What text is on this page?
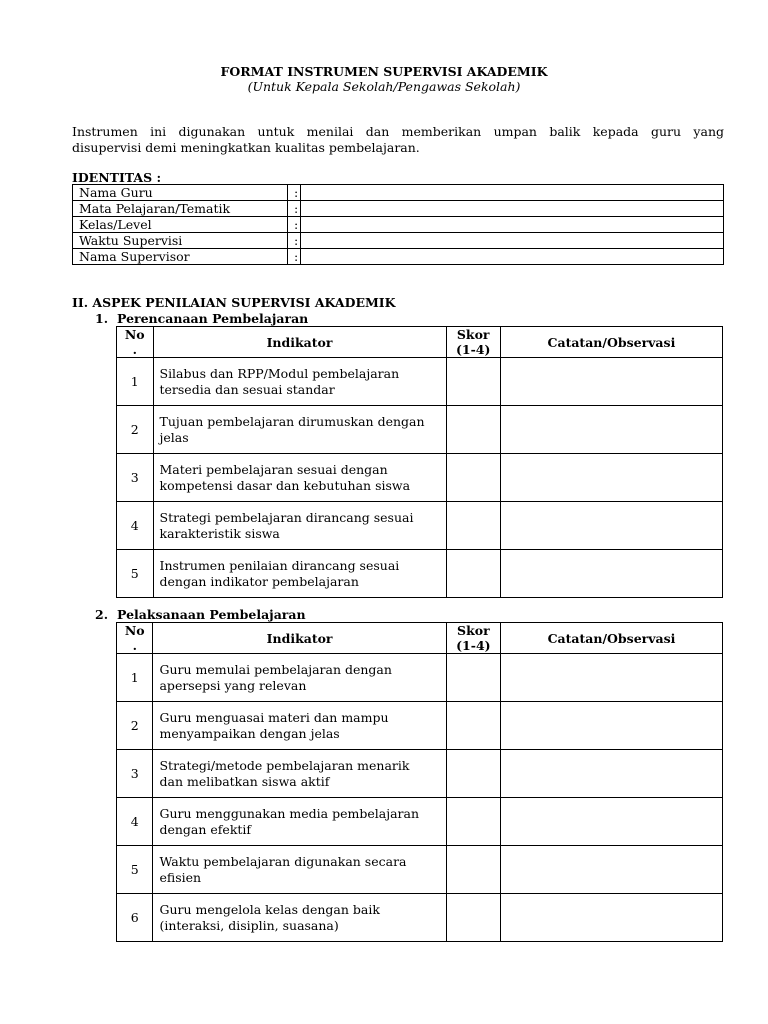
FORMAT INSTRUMEN SUPERVISI AKADEMIK
(Untuk Kepala Sekolah/Pengawas Sekolah)
Instrumen ini digunakan untuk menilai dan memberikan umpan balik kepada guru yang
disupervisi demi meningkatkan kualitas pembelajaran.
IDENTITAS :
Nama Guru	:	
Mata Pelajaran/Tematik	:	
Kelas/Level	:	
Waktu Supervisi	:	
Nama Supervisor	:	
II. ASPEK PENILAIAN SUPERVISI AKADEMIK
1. Perencanaan Pembelajaran
No
.	Indikator	Skor
(1-4)	Catatan/Observasi
1	Silabus dan RPP/Modul pembelajaran
tersedia dan sesuai standar		
2	Tujuan pembelajaran dirumuskan dengan
jelas		
3	Materi pembelajaran sesuai dengan
kompetensi dasar dan kebutuhan siswa		
4	Strategi pembelajaran dirancang sesuai
karakteristik siswa		
5	Instrumen penilaian dirancang sesuai
dengan indikator pembelajaran		
2. Pelaksanaan Pembelajaran
No
.	Indikator	Skor
(1-4)	Catatan/Observasi
1	Guru memulai pembelajaran dengan
apersepsi yang relevan		
2	Guru menguasai materi dan mampu
menyampaikan dengan jelas		
3	Strategi/metode pembelajaran menarik
dan melibatkan siswa aktif		
4	Guru menggunakan media pembelajaran
dengan efektif		
5	Waktu pembelajaran digunakan secara
efisien		
6	Guru mengelola kelas dengan baik
(interaksi, disiplin, suasana)		
